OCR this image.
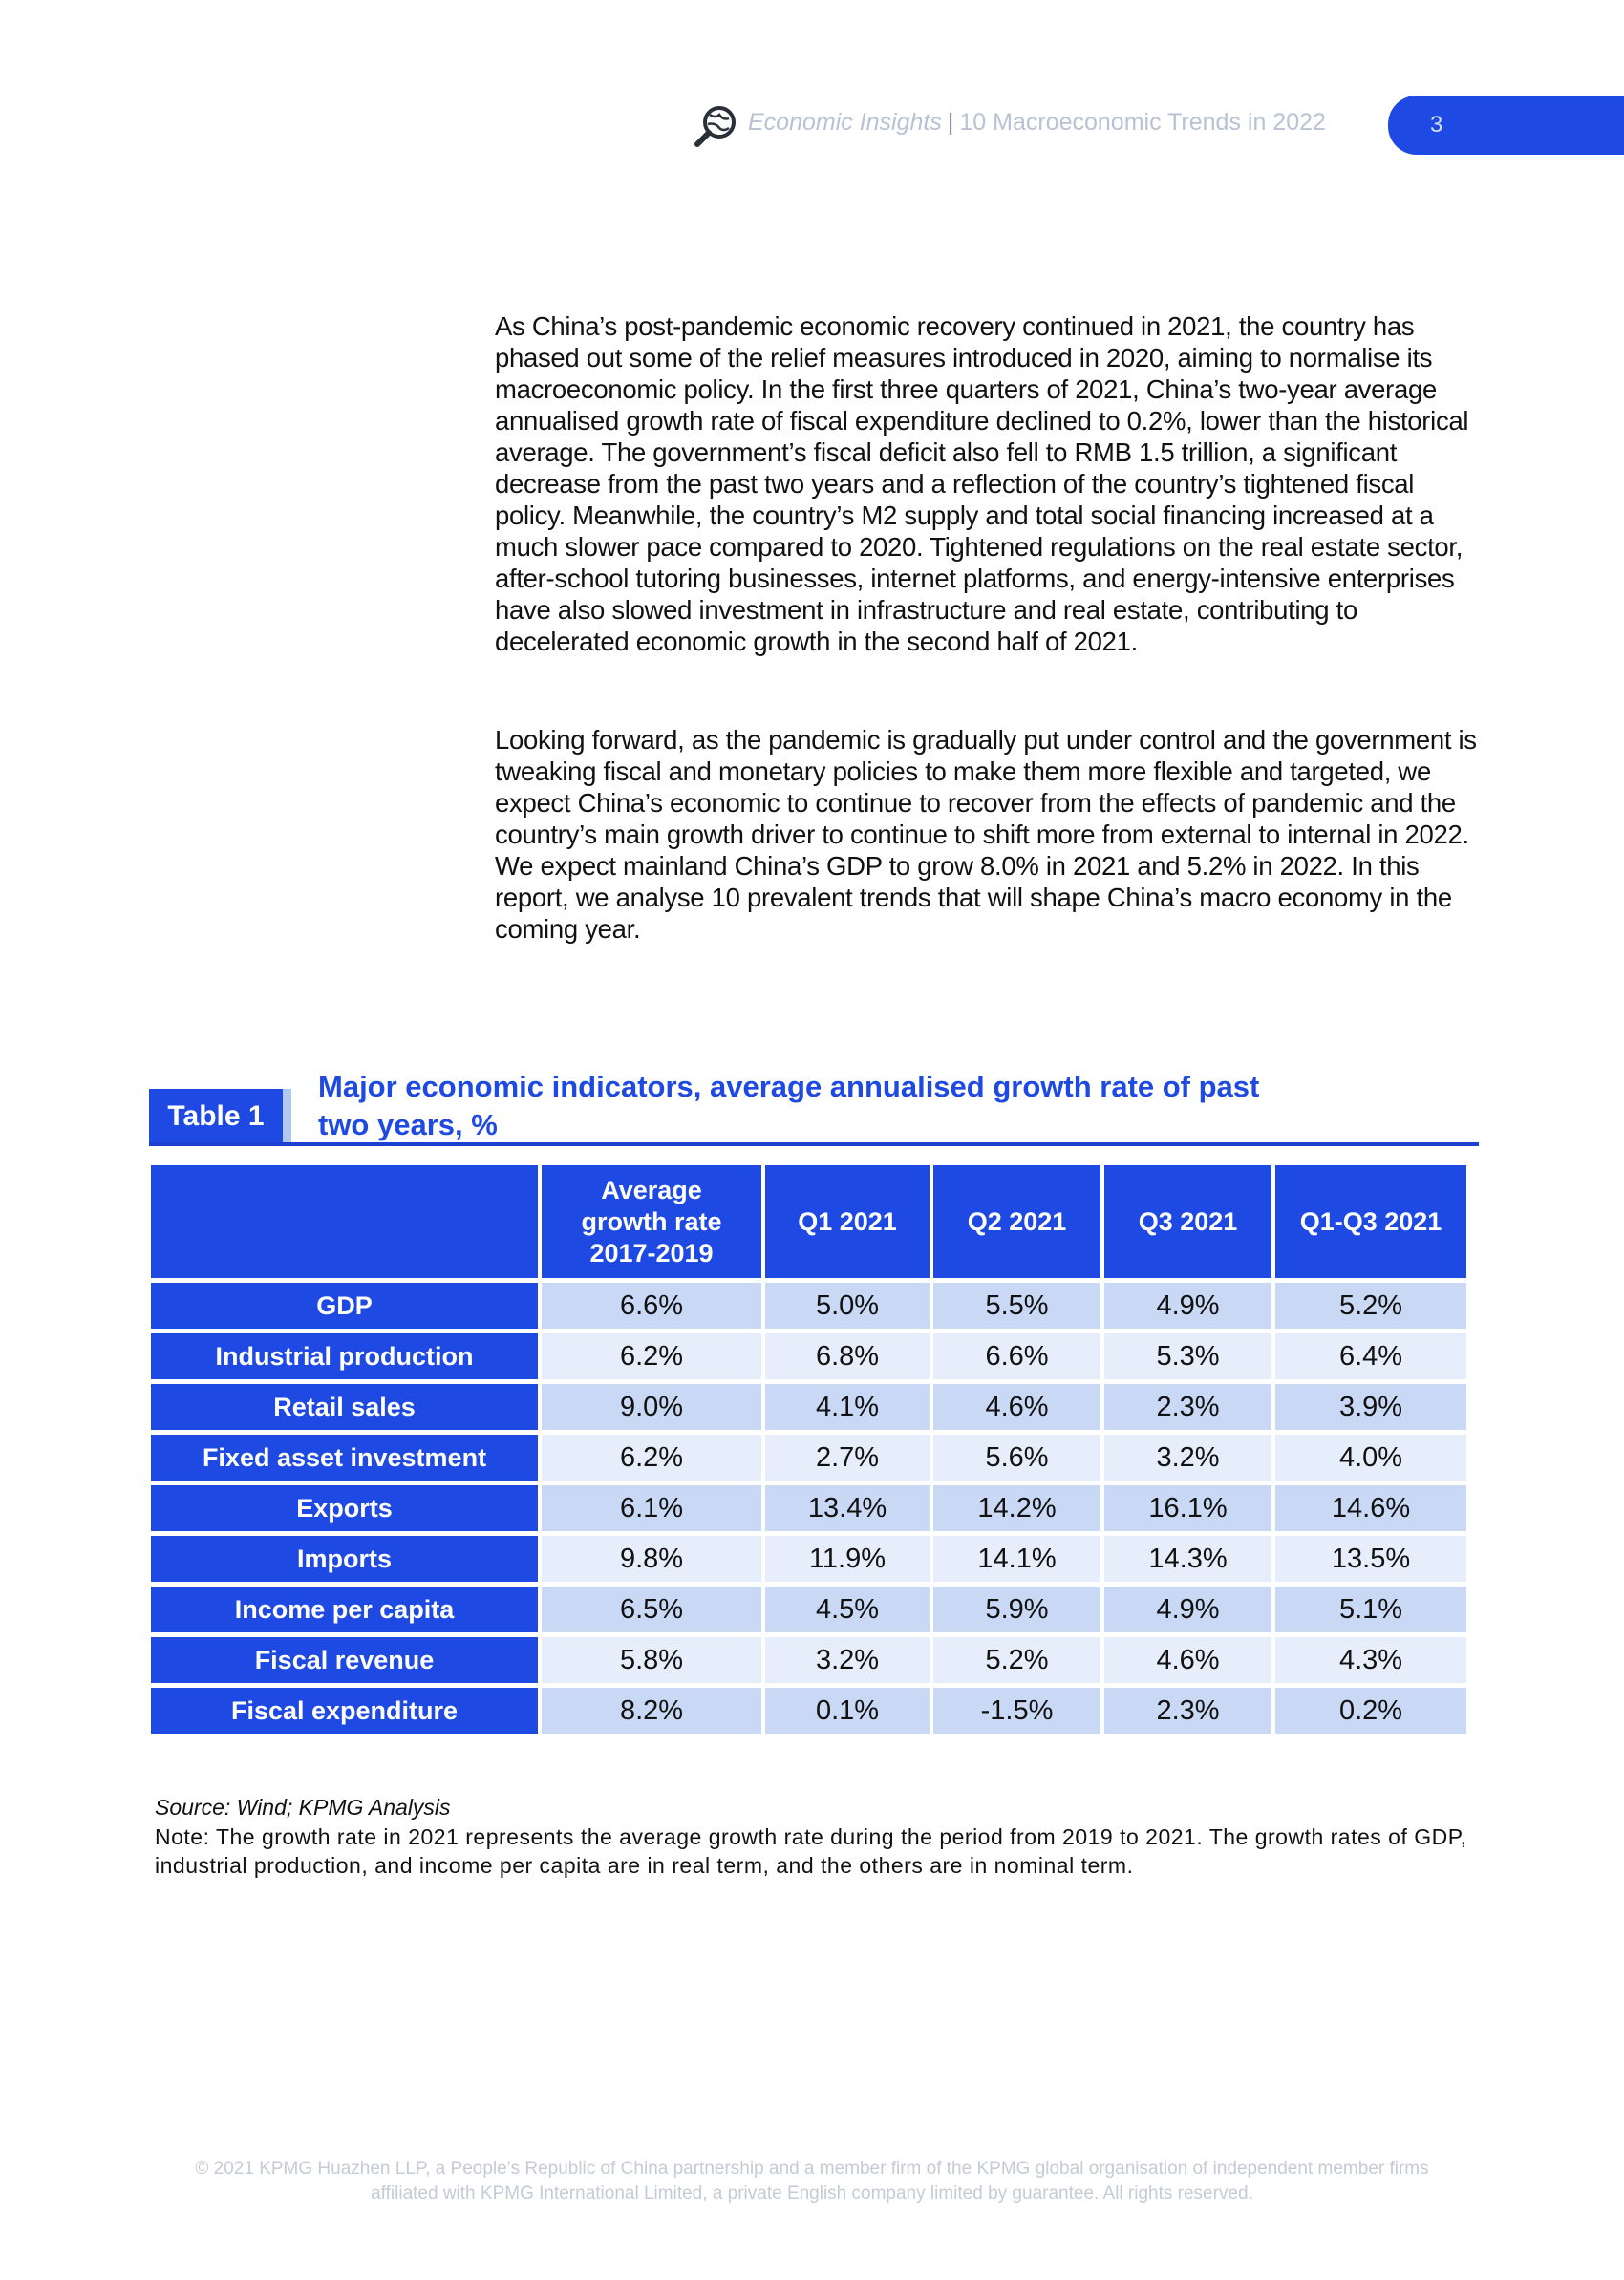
Economic Insights | 10 Macroeconomic Trends in 2022	3
As China’s post-pandemic economic recovery continued in 2021, the country has phased out some of the relief measures introduced in 2020, aiming to normalise its macroeconomic policy. In the first three quarters of 2021, China’s two-year average annualised growth rate of fiscal expenditure declined to 0.2%, lower than the historical average. The government’s fiscal deficit also fell to RMB 1.5 trillion, a significant decrease from the past two years and a reflection of the country’s tightened fiscal policy. Meanwhile, the country’s M2 supply and total social financing increased at a much slower pace compared to 2020. Tightened regulations on the real estate sector, after-school tutoring businesses, internet platforms, and energy-intensive enterprises have also slowed investment in infrastructure and real estate, contributing to decelerated economic growth in the second half of 2021.
Looking forward, as the pandemic is gradually put under control and the government is tweaking fiscal and monetary policies to make them more flexible and targeted, we expect China’s economic to continue to recover from the effects of pandemic and the country’s main growth driver to continue to shift more from external to internal in 2022. We expect mainland China’s GDP to grow 8.0% in 2021 and 5.2% in 2022. In this report, we analyse 10 prevalent trends that will shape China’s macro economy in the coming year.
Table 1
Major economic indicators, average annualised growth rate of past two years, %
	Average growth rate 2017-2019	Q1 2021	Q2 2021	Q3 2021	Q1-Q3 2021
GDP	6.6%	5.0%	5.5%	4.9%	5.2%
Industrial production	6.2%	6.8%	6.6%	5.3%	6.4%
Retail sales	9.0%	4.1%	4.6%	2.3%	3.9%
Fixed asset investment	6.2%	2.7%	5.6%	3.2%	4.0%
Exports	6.1%	13.4%	14.2%	16.1%	14.6%
Imports	9.8%	11.9%	14.1%	14.3%	13.5%
Income per capita	6.5%	4.5%	5.9%	4.9%	5.1%
Fiscal revenue	5.8%	3.2%	5.2%	4.6%	4.3%
Fiscal expenditure	8.2%	0.1%	-1.5%	2.3%	0.2%
Source: Wind; KPMG Analysis
Note: The growth rate in 2021 represents the average growth rate during the period from 2019 to 2021. The growth rates of GDP, industrial production, and income per capita are in real term, and the others are in nominal term.
© 2021 KPMG Huazhen LLP, a People’s Republic of China partnership and a member firm of the KPMG global organisation of independent member firms
affiliated with KPMG International Limited, a private English company limited by guarantee. All rights reserved.
